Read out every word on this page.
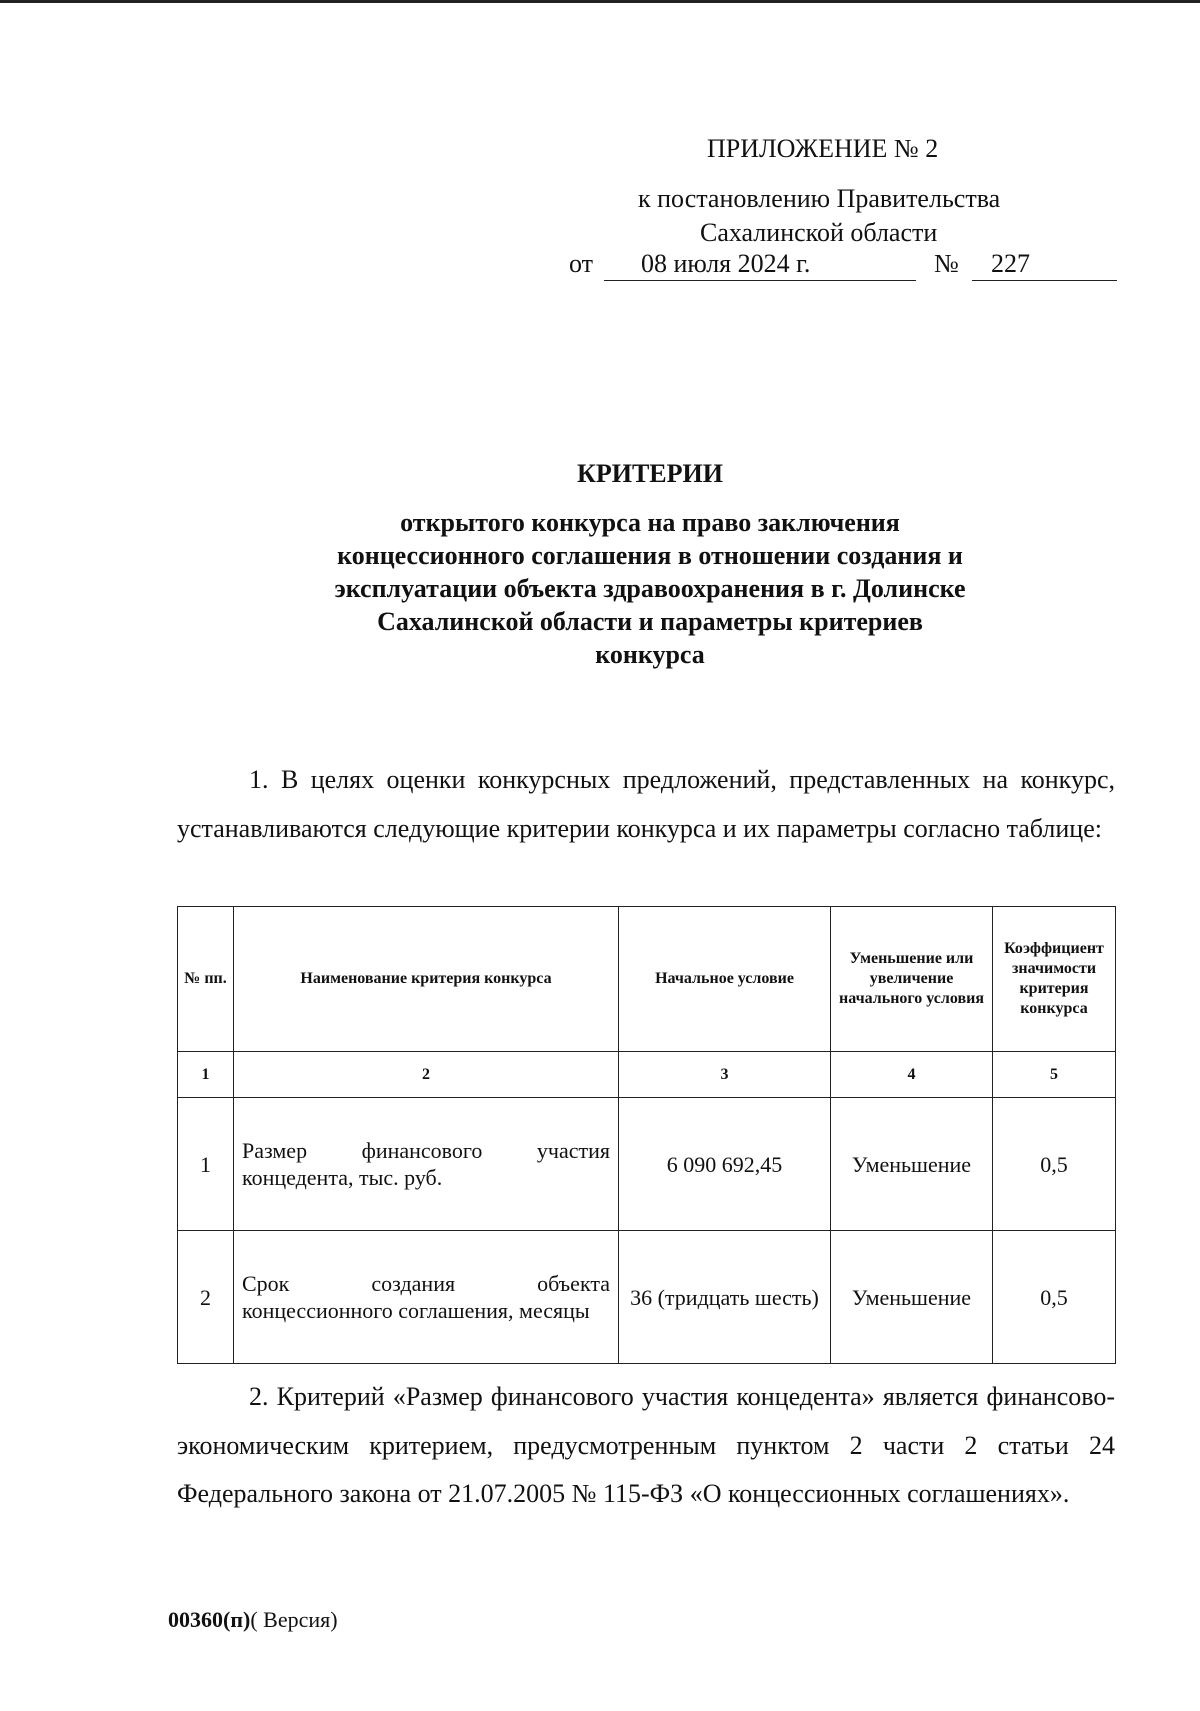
ПРИЛОЖЕНИЕ № 2
к постановлению Правительства
Сахалинской области
от 08 июля 2024 г.	№ 227
КРИТЕРИИ
открытого конкурса на право заключения
концессионного соглашения в отношении создания и
эксплуатации объекта здравоохранения в г. Долинске
Сахалинской области и параметры критериев
конкурса
1. В целях оценки конкурсных предложений, представленных на конкурс, устанавливаются следующие критерии конкурса и их параметры согласно таблице:
№ пп.	Наименование критерия конкурса	Начальное условие	Уменьшение или увеличение начального условия	Коэффициент значимости критерия конкурса
1	2	3	4	5
1	Размер финансового участия концедента, тыс. руб.	6 090 692,45	Уменьшение	0,5
2	Срок создания объекта концессионного соглашения, месяцы	36 (тридцать шесть)	Уменьшение	0,5
2. Критерий «Размер финансового участия концедента» является финансово-экономическим критерием, предусмотренным пунктом 2 части 2 статьи 24 Федерального закона от 21.07.2005 № 115-ФЗ «О концессионных соглашениях».
00360(п)( Версия)
